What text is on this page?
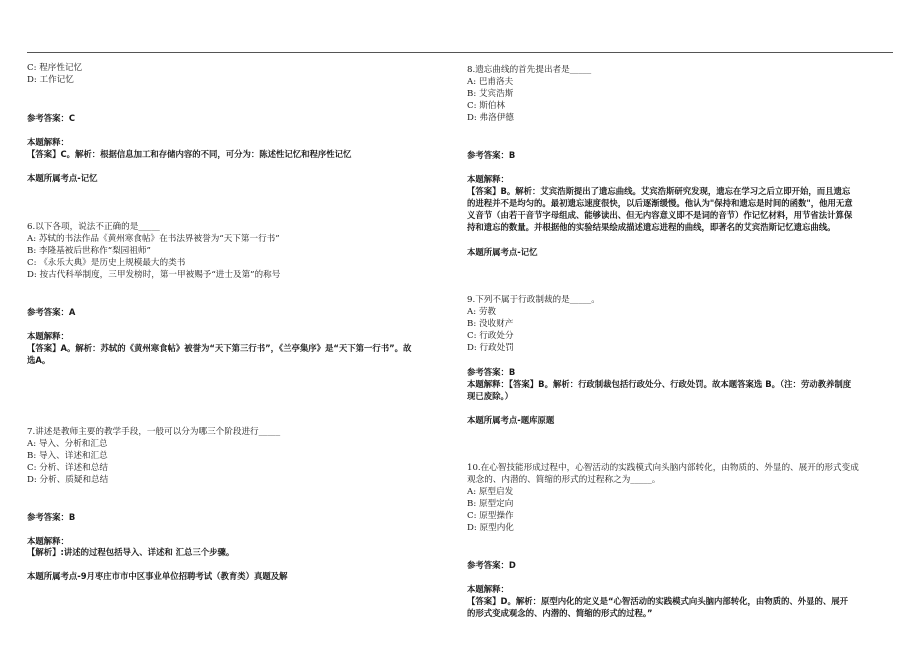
C: 程序性记忆
D: 工作记忆
参考答案：C
本题解释：
【答案】C。解析：根据信息加工和存储内容的不同，可分为：陈述性记忆和程序性记忆
本题所属考点-记忆
6.以下各项，说法不正确的是_____
A: 苏轼的书法作品《黄州寒食帖》在书法界被誉为“天下第一行书”
B: 李隆基被后世称作“梨园祖师”
C: 《永乐大典》是历史上规模最大的类书
D: 按古代科举制度，三甲发榜时，第一甲被赐予“进士及第”的称号
参考答案：A
本题解释：
【答案】A。解析：苏轼的《黄州寒食帖》被誉为“天下第三行书”，《兰亭集序》是“天下第一行书”。故
选A。
7.讲述是教师主要的教学手段，一般可以分为哪三个阶段进行_____
A: 导入、分析和汇总
B: 导入、详述和汇总
C: 分析、详述和总结
D: 分析、质疑和总结
参考答案：B
本题解释：
【解析】:讲述的过程包括导入、详述和 汇总三个步骤。
本题所属考点-9月枣庄市市中区事业单位招聘考试（教育类）真题及解
8.遗忘曲线的首先提出者是_____
A: 巴甫洛夫
B: 艾宾浩斯
C: 斯伯林
D: 弗洛伊德
参考答案：B
本题解释：
【答案】B。解析：艾宾浩斯提出了遗忘曲线。艾宾浩斯研究发现，遗忘在学习之后立即开始，而且遗忘
的进程并不是均匀的。最初遗忘速度很快，以后逐渐缓慢。他认为"保持和遗忘是时间的函数"，他用无意
义音节（由若干音节字母组成、能够读出、但无内容意义即不是词的音节）作记忆材料，用节省法计算保
持和遗忘的数量。并根据他的实验结果绘成描述遗忘进程的曲线，即著名的艾宾浩斯记忆遗忘曲线。
本题所属考点-记忆
9.下列不属于行政制裁的是_____。
A: 劳教
B: 没收财产
C: 行政处分
D: 行政处罚
参考答案：B
本题解释：【答案】B。解析：行政制裁包括行政处分、行政处罚。故本题答案选 B。（注：劳动教养制度
现已废除。）
本题所属考点-题库原题
10.在心智技能形成过程中，心智活动的实践模式向头脑内部转化，由物质的、外显的、展开的形式变成
观念的、内潜的、简缩的形式的过程称之为_____。
A: 原型启发
B: 原型定向
C: 原型操作
D: 原型内化
参考答案：D
本题解释：
【答案】D。解析：原型内化的定义是“心智活动的实践模式向头脑内部转化，由物质的、外显的、展开
的形式变成观念的、内潜的、简缩的形式的过程。”
